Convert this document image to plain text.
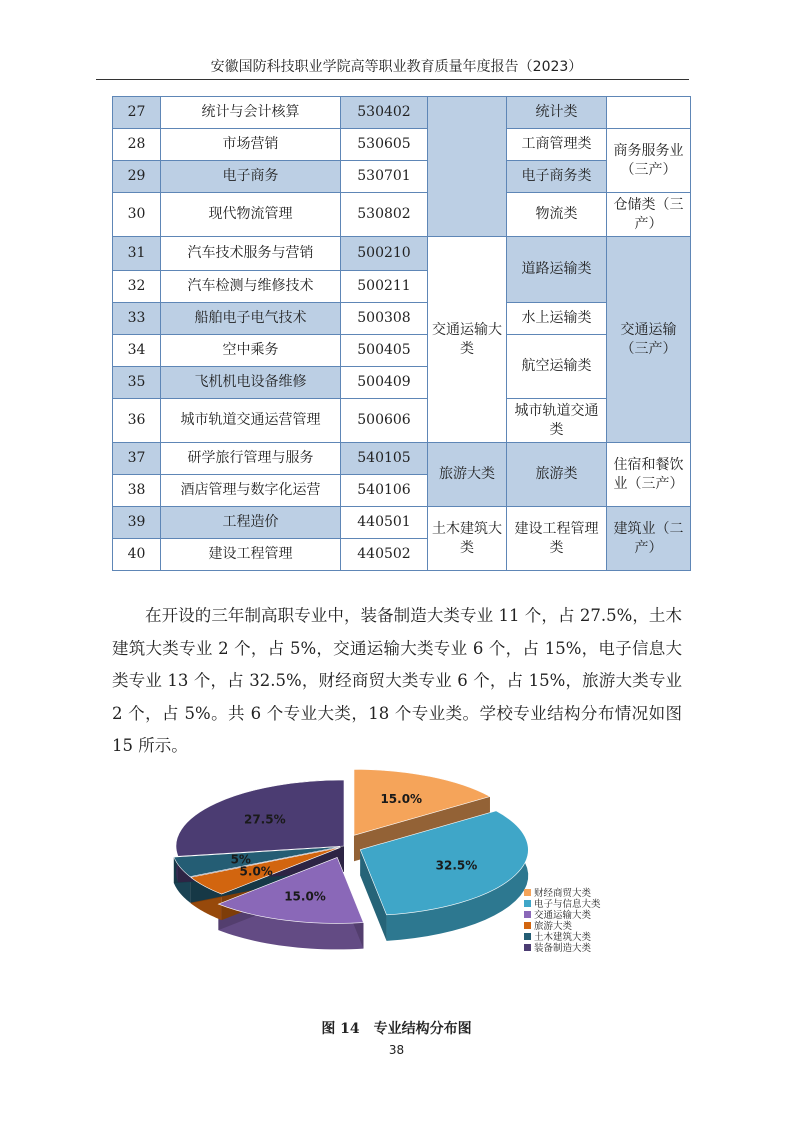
安徽国防科技职业学院高等职业教育质量年度报告（2023）
27	统计与会计核算	530402		统计类	
28	市场营销	530605		工商管理类	商务服务业（三产）
29	电子商务	530701		电子商务类	
30	现代物流管理	530802		物流类	仓储类（三产）
31	汽车技术服务与营销	500210	交通运输大类	道路运输类	交通运输（三产）
32	汽车检测与维修技术	500211			
33	船舶电子电气技术	500308		水上运输类	
34	空中乘务	500405		航空运输类	
35	飞机机电设备维修	500409			
36	城市轨道交通运营管理	500606		城市轨道交通类	
37	研学旅行管理与服务	540105	旅游大类	旅游类	住宿和餐饮业（三产）
38	酒店管理与数字化运营	540106			
39	工程造价	440501	土木建筑大类	建设工程管理类	建筑业（二产）
40	建设工程管理	440502			
在开设的三年制高职专业中，装备制造大类专业 11 个，占 27.5%，土木建筑大类专业 2 个，占 5%，交通运输大类专业 6 个，占 15%，电子信息大类专业 13 个，占 32.5%，财经商贸大类专业 6 个，占 15%，旅游大类专业 2 个，占 5%。共 6 个专业大类，18 个专业类。学校专业结构分布情况如图 15 所示。
15.0%
32.5%
15.0%
5.0%
5%
27.5%
财经商贸大类
电子与信息大类
交通运输大类
旅游大类
土木建筑大类
装备制造大类
图 14　专业结构分布图
38
